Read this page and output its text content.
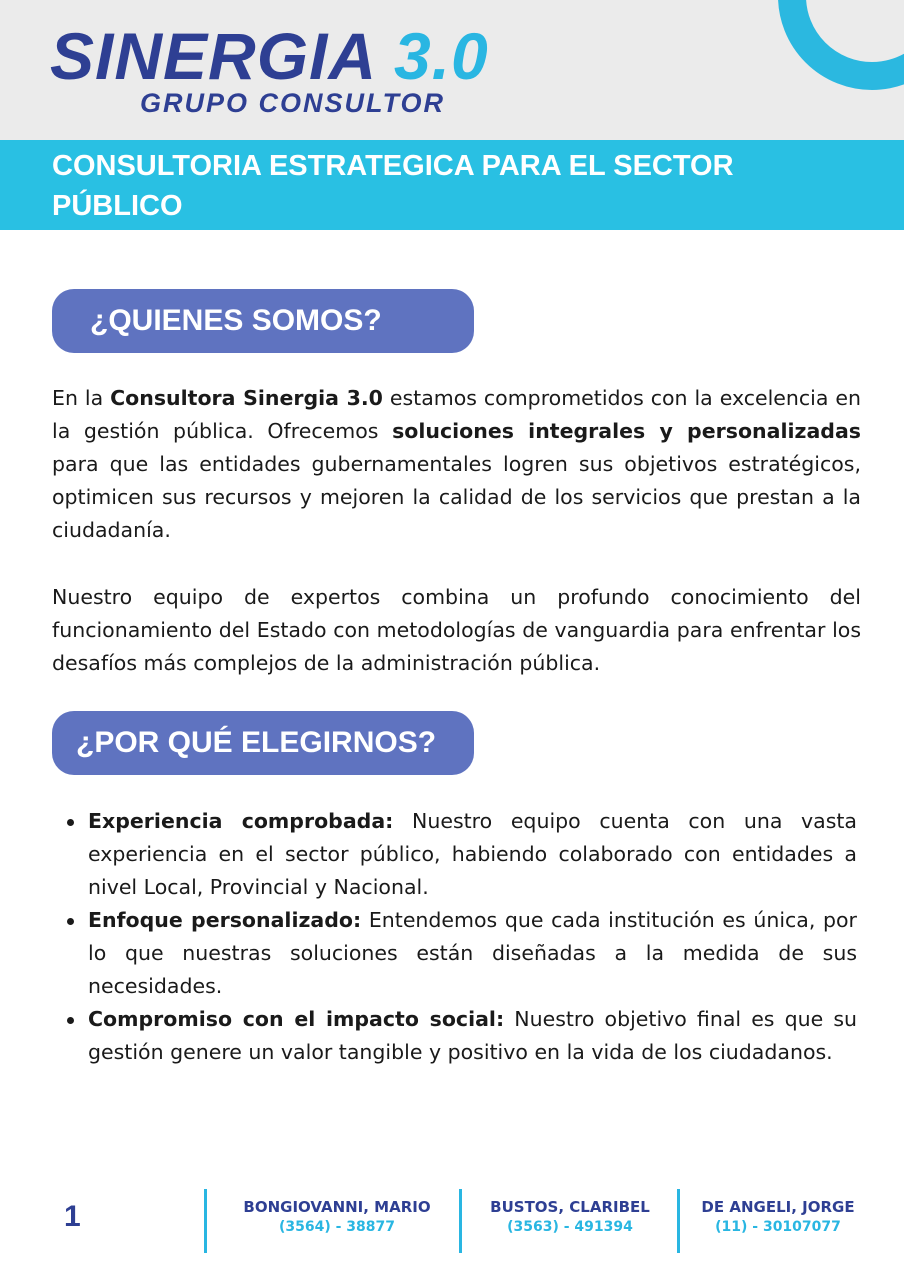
SINERGIA 3.0
GRUPO CONSULTOR
CONSULTORIA ESTRATEGICA PARA EL SECTOR PÚBLICO
¿QUIENES SOMOS?

En la Consultora Sinergia 3.0 estamos comprometidos con la excelencia en la gestión pública. Ofrecemos soluciones integrales y personalizadas para que las entidades gubernamentales logren sus objetivos estratégicos, optimicen sus recursos y mejoren la calidad de los servicios que prestan a la ciudadanía.

Nuestro equipo de expertos combina un profundo conocimiento del funcionamiento del Estado con metodologías de vanguardia para enfrentar los desafíos más complejos de la administración pública.

¿POR QUÉ ELEGIRNOS?
Experiencia comprobada: Nuestro equipo cuenta con una vasta experiencia en el sector público, habiendo colaborado con entidades a nivel Local, Provincial y Nacional.
Enfoque personalizado: Entendemos que cada institución es única, por lo que nuestras soluciones están diseñadas a la medida de sus necesidades.
Compromiso con el impacto social: Nuestro objetivo final es que su gestión genere un valor tangible y positivo en la vida de los ciudadanos.
1	BONGIOVANNI, MARIO
(3564) - 38877
BUSTOS, CLARIBEL
(3563) - 491394
DE ANGELI, JORGE
(11) - 30107077
